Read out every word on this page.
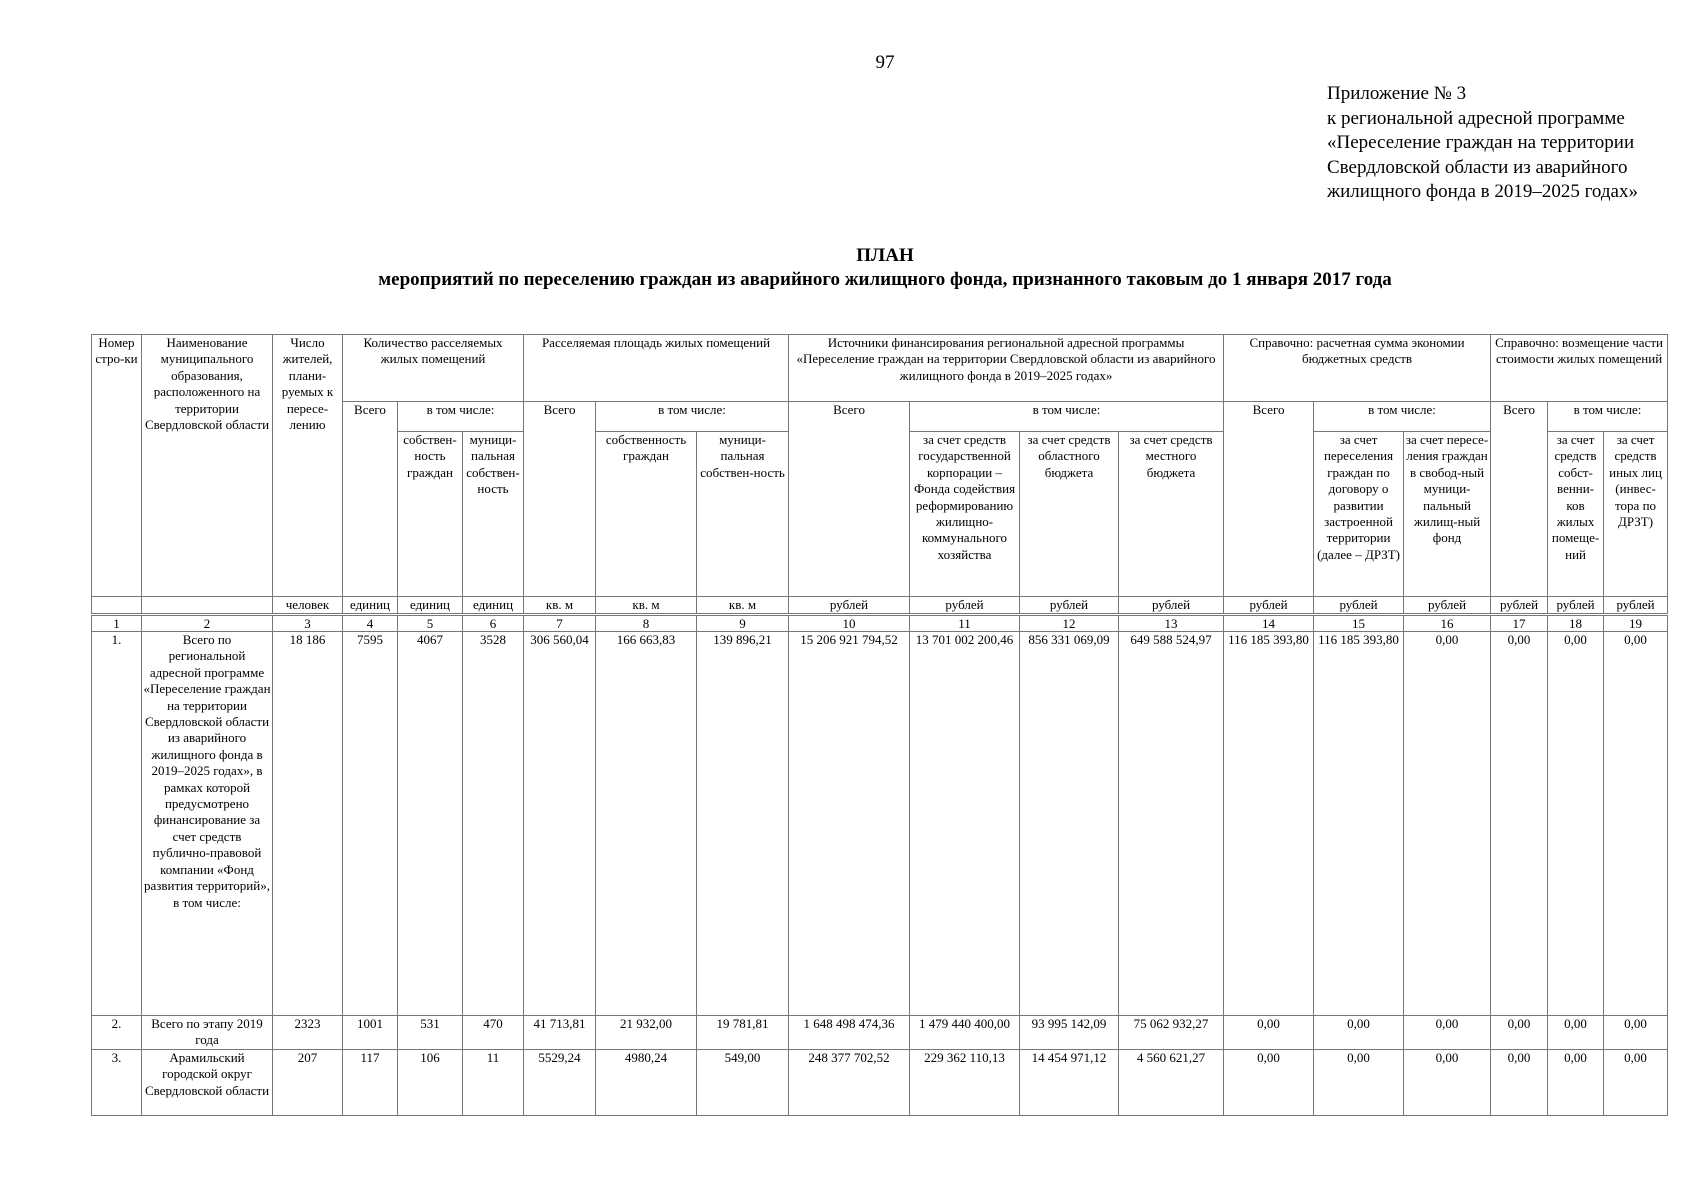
97
Приложение № 3
к региональной адресной программе
«Переселение граждан на территории
Свердловской области из аварийного
жилищного фонда в 2019–2025 годах»
ПЛАН
мероприятий по переселению граждан из аварийного жилищного фонда, признанного таковым до 1 января 2017 года
Номер стро-ки	Наименование муниципального образования, расположенного на территории Свердловской области	Число жителей, плани-руемых к пересе-лению	Количество расселяемых жилых помещений			Расселяемая площадь жилых помещений			Источники финансирования региональной адресной программы «Переселение граждан на территории Свердловской области из аварийного жилищного фонда в 2019–2025 годах»				Справочно: расчетная сумма экономии бюджетных средств			Справочно: возмещение части стоимости жилых помещений		
			Всего	в том числе:		Всего	в том числе:		Всего	в том числе:			Всего	в том числе:		Всего	в том числе:	
				собствен-ность граждан	муници-пальная собствен-ность		собственность граждан	муници-пальная собствен-ность		за счет средств государственной корпорации – Фонда содействия реформированию жилищно-коммунального хозяйства	за счет средств областного бюджета	за счет средств местного бюджета		за счет переселения граждан по договору о развитии застроенной территории (далее – ДРЗТ)	за счет пересе-ления граждан в свобод-ный муници-пальный жилищ-ный фонд		за счет средств собст-венни-ков жилых помеще-ний	за счет средств иных лиц (инвес-тора по ДРЗТ)
		человек	единиц	единиц	единиц	кв. м	кв. м	кв. м	рублей	рублей	рублей	рублей	рублей	рублей	рублей	рублей	рублей	рублей
1	2	3	4	5	6	7	8	9	10	11	12	13	14	15	16	17	18	19
1.	Всего по региональной адресной программе «Переселение граждан на территории Свердловской области из аварийного жилищного фонда в 2019–2025 годах», в рамках которой предусмотрено финансирование за счет средств публично-правовой компании «Фонд развития территорий», в том числе:	18 186	7595	4067	3528	306 560,04	166 663,83	139 896,21	15 206 921 794,52	13 701 002 200,46	856 331 069,09	649 588 524,97	116 185 393,80	116 185 393,80	0,00	0,00	0,00	0,00
2.	Всего по этапу 2019 года	2323	1001	531	470	41 713,81	21 932,00	19 781,81	1 648 498 474,36	1 479 440 400,00	93 995 142,09	75 062 932,27	0,00	0,00	0,00	0,00	0,00	0,00
3.	Арамильский городской округ Свердловской области	207	117	106	11	5529,24	4980,24	549,00	248 377 702,52	229 362 110,13	14 454 971,12	4 560 621,27	0,00	0,00	0,00	0,00	0,00	0,00
